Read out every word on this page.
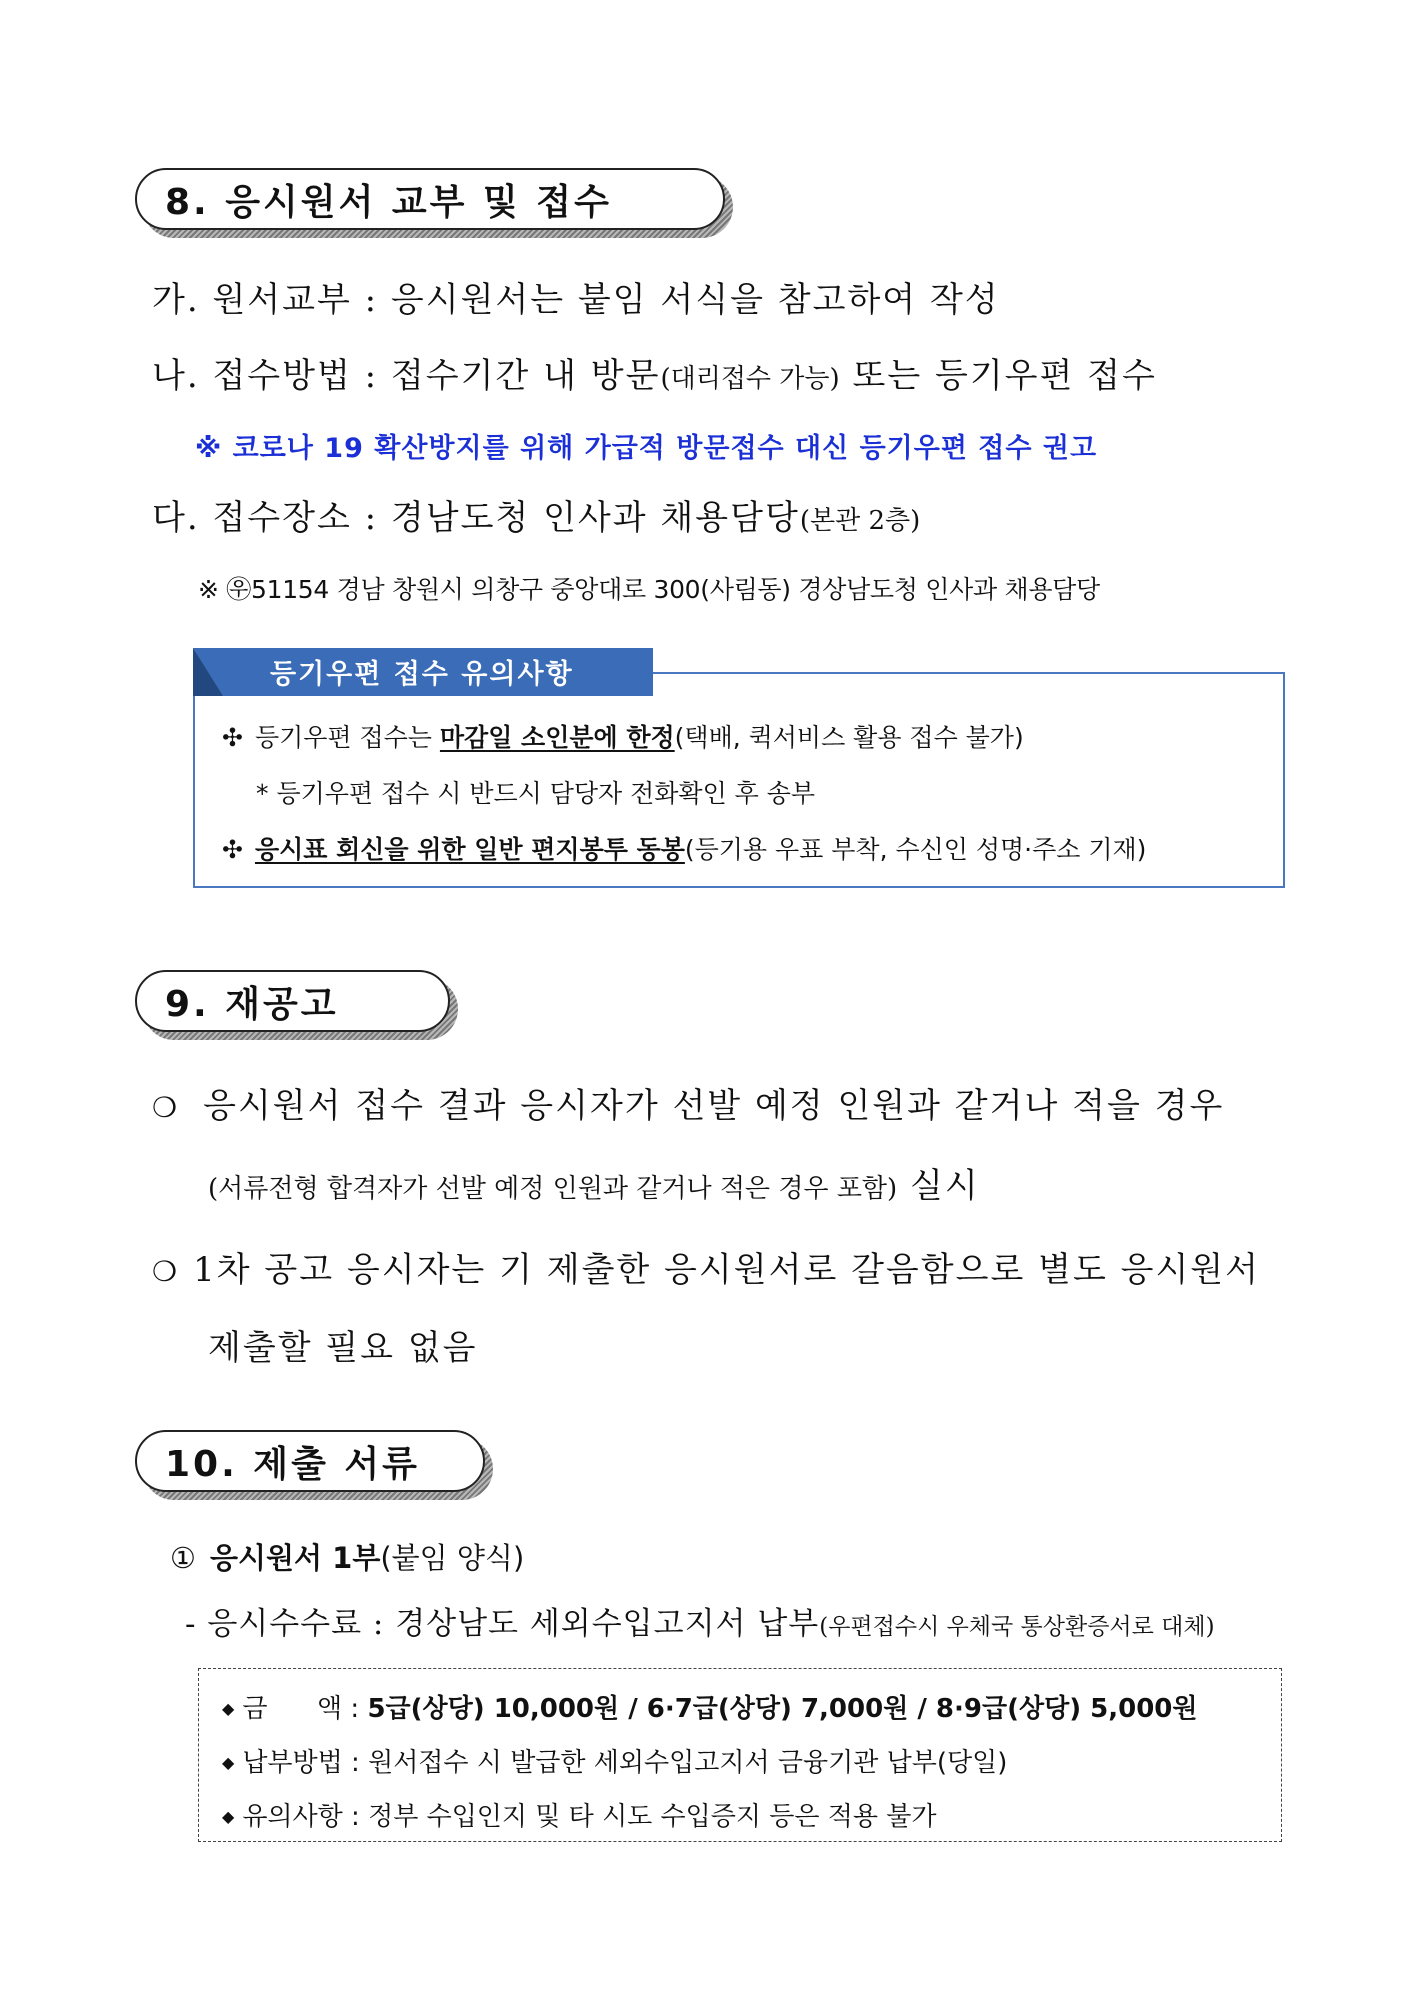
8. 응시원서 교부 및 접수
가. 원서교부 : 응시원서는 붙임 서식을 참고하여 작성
나. 접수방법 : 접수기간 내 방문(대리접수 가능) 또는 등기우편 접수
※ 코로나 19 확산방지를 위해 가급적 방문접수 대신 등기우편 접수 권고
다. 접수장소 : 경남도청 인사과 채용담당(본관 2층)
※ ㉾51154 경남 창원시 의창구 중앙대로 300(사림동) 경상남도청 인사과 채용담당
등기우편 접수 유의사항
✣ 등기우편 접수는 마감일 소인분에 한정(택배, 퀵서비스 활용 접수 불가)
* 등기우편 접수 시 반드시 담당자 전화확인 후 송부
✣ 응시표 회신을 위한 일반 편지봉투 동봉(등기용 우표 부착, 수신인 성명·주소 기재)
9. 재공고
❍ 응시원서 접수 결과 응시자가 선발 예정 인원과 같거나 적을 경우
(서류전형 합격자가 선발 예정 인원과 같거나 적은 경우 포함) 실시
❍ 1차 공고 응시자는 기 제출한 응시원서로 갈음함으로 별도 응시원서
제출할 필요 없음
10. 제출 서류
① 응시원서 1부(붙임 양식)
- 응시수수료 : 경상남도 세외수입고지서 납부(우편접수시 우체국 통상환증서로 대체)
◆ 금      액 : 5급(상당) 10,000원 / 6·7급(상당) 7,000원 / 8·9급(상당) 5,000원
◆ 납부방법 : 원서접수 시 발급한 세외수입고지서 금융기관 납부(당일)
◆ 유의사항 : 정부 수입인지 및 타 시도 수입증지 등은 적용 불가
